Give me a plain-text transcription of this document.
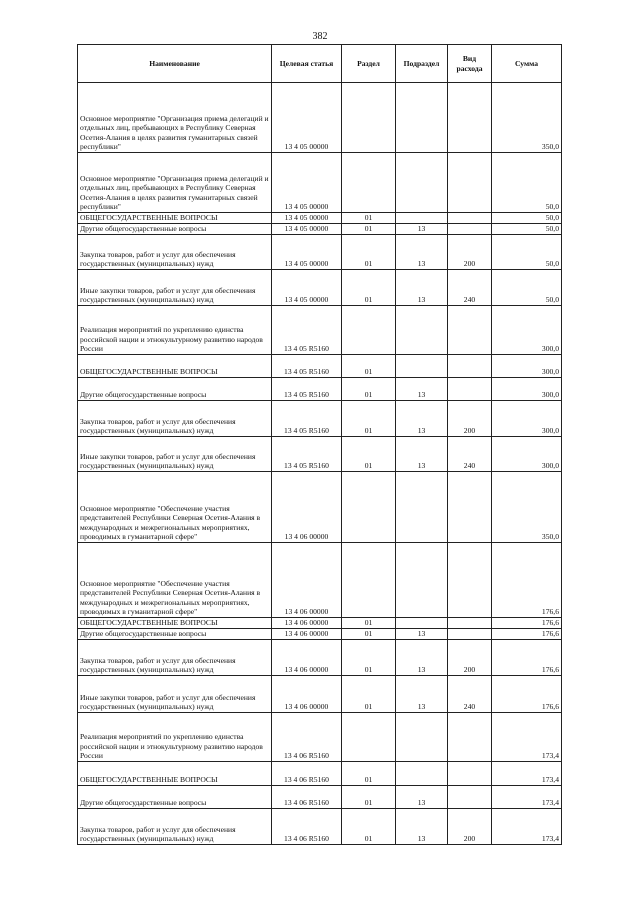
382
Наименование	Целевая статья	Раздел	Подраздел	Вид расхода	Сумма
Основное мероприятие "Организация приема делегаций и отдельных лиц, пребывающих в Республику Северная Осетия-Алания в целях развития гуманитарных связей республики"	13 4 05 00000				350,0
Основное мероприятие "Организация приема делегаций и отдельных лиц, пребывающих в Республику Северная Осетия-Алания в целях развития гуманитарных связей республики"	13 4 05 00000				50,0
ОБЩЕГОСУДАРСТВЕННЫЕ ВОПРОСЫ	13 4 05 00000	01			50,0
Другие общегосударственные вопросы	13 4 05 00000	01	13		50,0
Закупка товаров, работ и услуг для обеспечения государственных (муниципальных) нужд	13 4 05 00000	01	13	200	50,0
Иные закупки товаров, работ и услуг для обеспечения государственных (муниципальных) нужд	13 4 05 00000	01	13	240	50,0
Реализация мероприятий по укреплению единства российской нации и этнокультурному развитию народов России	13 4 05 R5160				300,0
ОБЩЕГОСУДАРСТВЕННЫЕ ВОПРОСЫ	13 4 05 R5160	01			300,0
Другие общегосударственные вопросы	13 4 05 R5160	01	13		300,0
Закупка товаров, работ и услуг для обеспечения государственных (муниципальных) нужд	13 4 05 R5160	01	13	200	300,0
Иные закупки товаров, работ и услуг для обеспечения государственных (муниципальных) нужд	13 4 05 R5160	01	13	240	300,0
Основное мероприятие "Обеспечение участия представителей Республики Северная Осетия-Алания в международных и межрегиональных мероприятиях, проводимых в гуманитарной сфере"	13 4 06 00000				350,0
Основное мероприятие "Обеспечение участия представителей Республики Северная Осетия-Алания в международных и межрегиональных мероприятиях, проводимых в гуманитарной сфере"	13 4 06 00000				176,6
ОБЩЕГОСУДАРСТВЕННЫЕ ВОПРОСЫ	13 4 06 00000	01			176,6
Другие общегосударственные вопросы	13 4 06 00000	01	13		176,6
Закупка товаров, работ и услуг для обеспечения государственных (муниципальных) нужд	13 4 06 00000	01	13	200	176,6
Иные закупки товаров, работ и услуг для обеспечения государственных (муниципальных) нужд	13 4 06 00000	01	13	240	176,6
Реализация мероприятий по укреплению единства российской нации и этнокультурному развитию народов России	13 4 06 R5160				173,4
ОБЩЕГОСУДАРСТВЕННЫЕ ВОПРОСЫ	13 4 06 R5160	01			173,4
Другие общегосударственные вопросы	13 4 06 R5160	01	13		173,4
Закупка товаров, работ и услуг для обеспечения государственных (муниципальных) нужд	13 4 06 R5160	01	13	200	173,4
